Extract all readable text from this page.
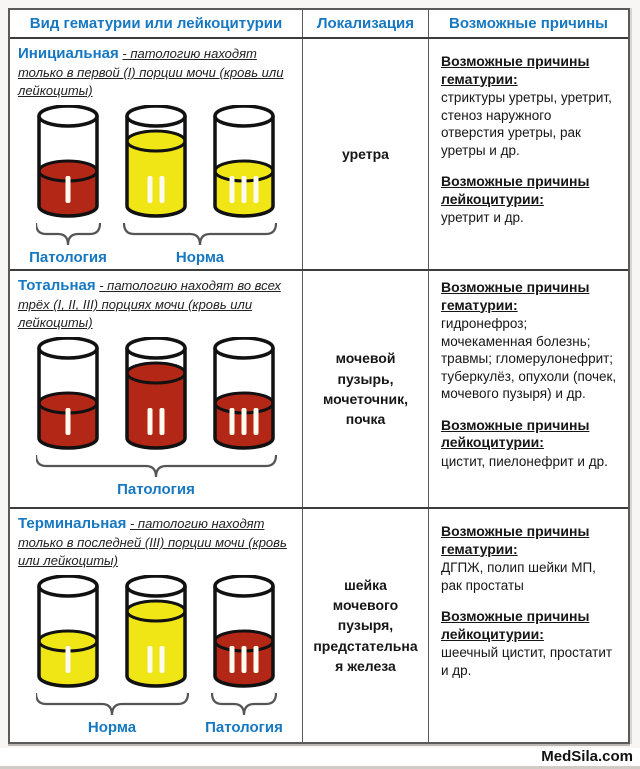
Вид гематурии или лейкоцитурии Локализация Возможные причины
Инициальная - патологию находят только в первой (I) порции мочи (кровь или лейкоциты)
Патология	Норма
уретра
Возможные причины гематурии:
стриктуры уретры, уретрит, стеноз наружного отверстия уретры, рак уретры и др.
Возможные причины лейкоцитурии:
уретрит и др.
Тотальная - патологию находят во всех трёх (I, II, III) порциях мочи (кровь или лейкоциты)
Патология
мочевой пузырь, мочеточник, почка
Возможные причины гематурии:
гидронефроз; мочекаменная болезнь; травмы; гломерулонефрит; туберкулёз, опухоли (почек, мочевого пузыря) и др.
Возможные причины лейкоцитурии:
цистит, пиелонефрит и др.
Терминальная - патологию находят только в последней (III) порции мочи (кровь или лейкоциты)
Норма	Патология
шейка мочевого пузыря, предстательная железа
Возможные причины гематурии:
ДГПЖ, полип шейки МП, рак простаты
Возможные причины лейкоцитурии:
шеечный цистит, простатит и др.
MedSila.com
